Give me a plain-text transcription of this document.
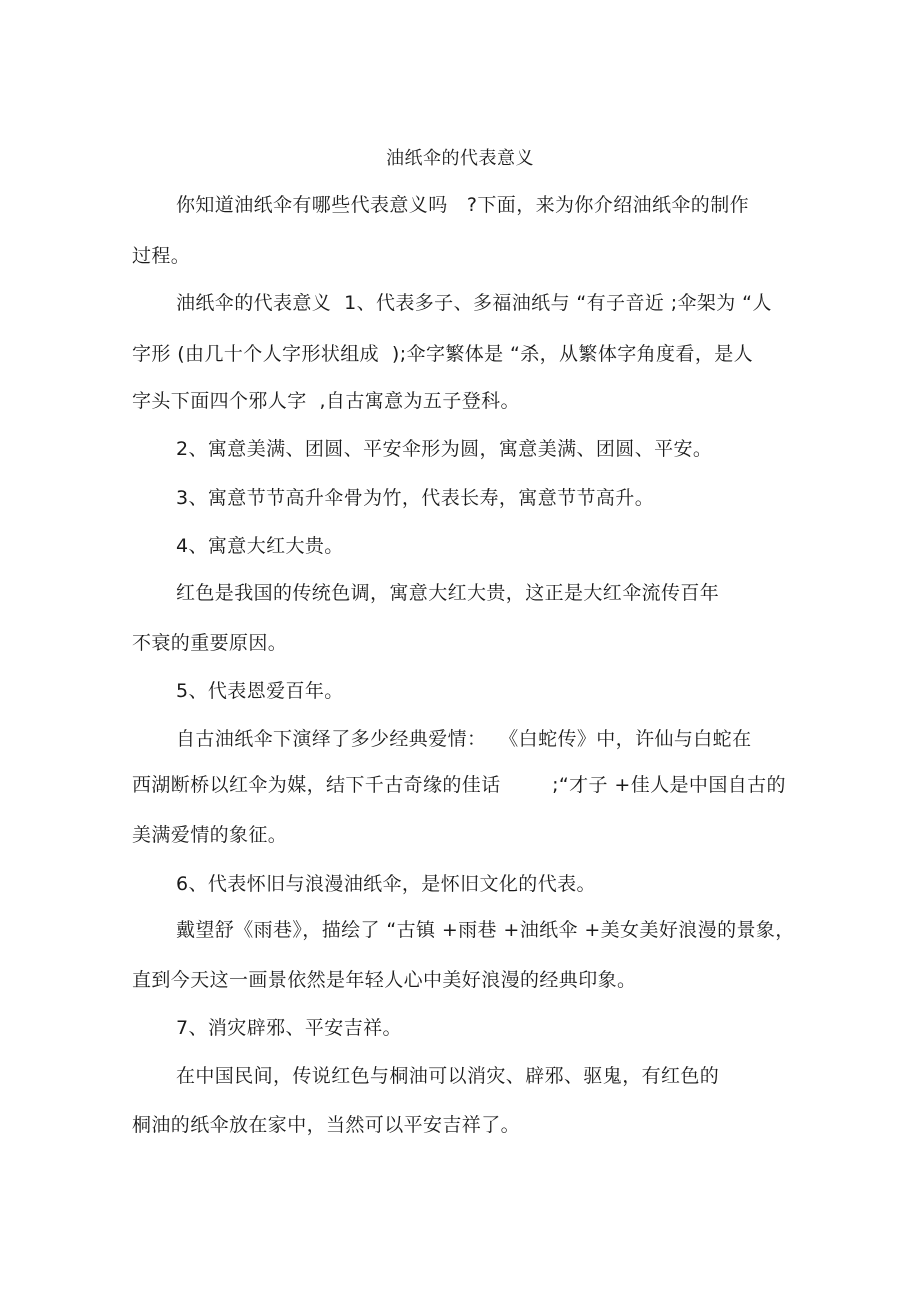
油纸伞的代表意义
你知道油纸伞有哪些代表意义吗   ?下面，来为你介绍油纸伞的制作
过程。
油纸伞的代表意义  1、代表多子、多福油纸与 “有子音近 ;伞架为 “人
字形 (由几十个人字形状组成  );伞字繁体是 “杀，从繁体字角度看，是人
字头下面四个邪人字  ,自古寓意为五子登科。
2、寓意美满、团圆、平安伞形为圆，寓意美满、团圆、平安。
3、寓意节节高升伞骨为竹，代表长寿，寓意节节高升。
4、寓意大红大贵。
红色是我国的传统色调，寓意大红大贵，这正是大红伞流传百年
不衰的重要原因。
5、代表恩爱百年。
自古油纸伞下演绎了多少经典爱情：  《白蛇传》中，许仙与白蛇在
西湖断桥以红伞为媒，结下千古奇缘的佳话        ;“才子 +佳人是中国自古的
美满爱情的象征。
6、代表怀旧与浪漫油纸伞，是怀旧文化的代表。
戴望舒《雨巷》，描绘了 “古镇 +雨巷 +油纸伞 +美女美好浪漫的景象，
直到今天这一画景依然是年轻人心中美好浪漫的经典印象。
7、消灾辟邪、平安吉祥。
在中国民间，传说红色与桐油可以消灾、辟邪、驱鬼，有红色的
桐油的纸伞放在家中，当然可以平安吉祥了。
